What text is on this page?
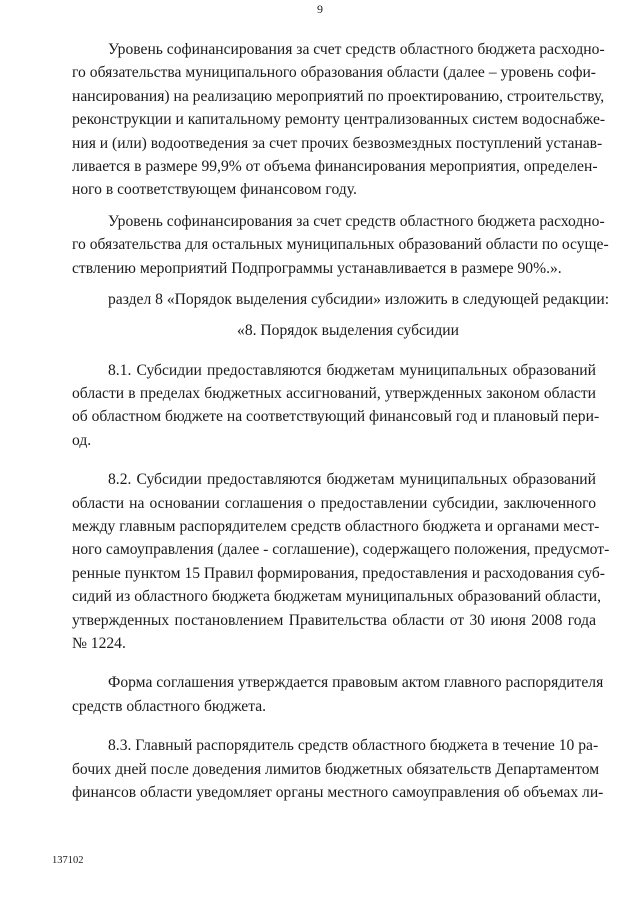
9
Уровень софинансирования за счет средств областного бюджета расходно-
го обязательства муниципального образования области (далее – уровень софи-
нансирования) на реализацию мероприятий по проектированию, строительству,
реконструкции и капитальному ремонту централизованных систем водоснабже-
ния и (или) водоотведения за счет прочих безвозмездных поступлений устанав-
ливается в размере 99,9% от объема финансирования мероприятия, определен-
ного в соответствующем финансовом году.
Уровень софинансирования за счет средств областного бюджета расходно-
го обязательства для остальных муниципальных образований области по осуще-
ствлению мероприятий Подпрограммы устанавливается в размере 90%.».
раздел 8 «Порядок выделения субсидии» изложить в следующей редакции:
«8. Порядок выделения субсидии
8.1. Субсидии предоставляются бюджетам муниципальных образований
области в пределах бюджетных ассигнований, утвержденных законом области
об областном бюджете на соответствующий финансовый год и плановый пери-
од.
8.2. Субсидии предоставляются бюджетам муниципальных образований
области на основании соглашения о предоставлении субсидии, заключенного
между главным распорядителем средств областного бюджета и органами мест-
ного самоуправления (далее - соглашение), содержащего положения, предусмот-
ренные пунктом 15 Правил формирования, предоставления и расходования суб-
сидий из областного бюджета бюджетам муниципальных образований области,
утвержденных постановлением Правительства области от 30 июня 2008 года
№ 1224.
Форма соглашения утверждается правовым актом главного распорядителя
средств областного бюджета.
8.3. Главный распорядитель средств областного бюджета в течение 10 ра-
бочих дней после доведения лимитов бюджетных обязательств Департаментом
финансов области уведомляет органы местного самоуправления об объемах ли-
137102
